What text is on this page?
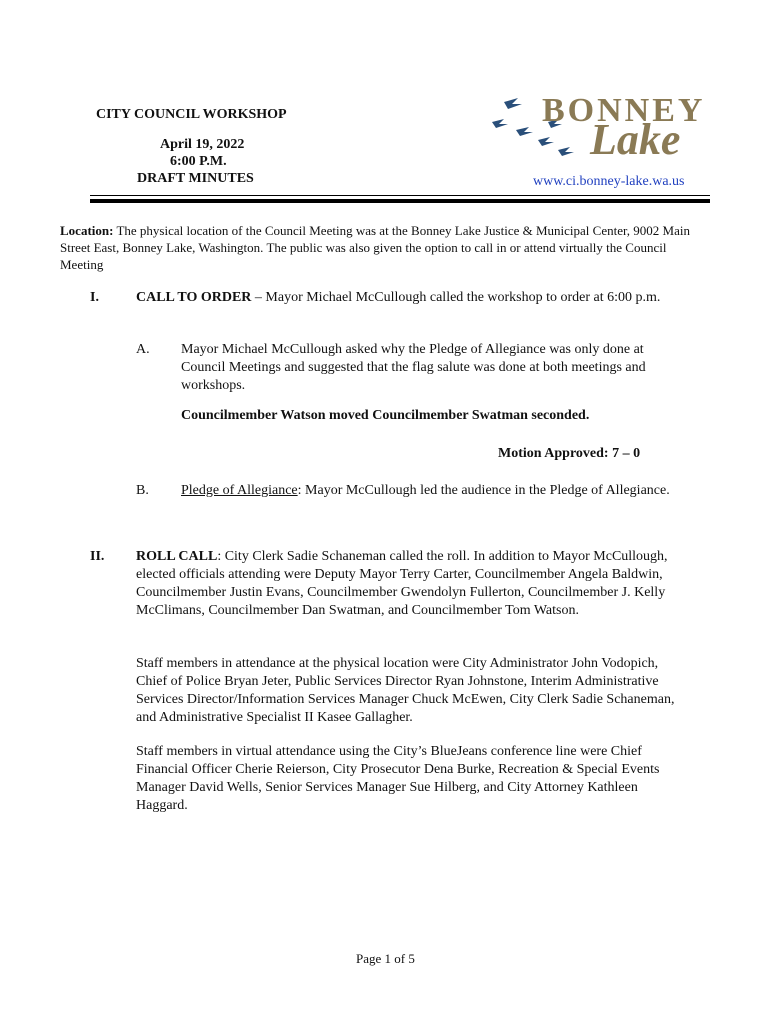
CITY COUNCIL WORKSHOP
April 19, 2022
6:00 P.M.
DRAFT MINUTES
BONNEY
Lake
www.ci.bonney-lake.wa.us
Location: The physical location of the Council Meeting was at the Bonney Lake Justice & Municipal Center, 9002 Main Street East, Bonney Lake, Washington. The public was also given the option to call in or attend virtually the Council Meeting
I.	CALL TO ORDER – Mayor Michael McCullough called the workshop to order at 6:00 p.m.
A. Mayor Michael McCullough asked why the Pledge of Allegiance was only done at Council Meetings and suggested that the flag salute was done at both meetings and workshops.
Councilmember Watson moved Councilmember Swatman seconded.
Motion Approved: 7 – 0
B. Pledge of Allegiance: Mayor McCullough led the audience in the Pledge of Allegiance.
II. ROLL CALL: City Clerk Sadie Schaneman called the roll. In addition to Mayor McCullough, elected officials attending were Deputy Mayor Terry Carter, Councilmember Angela Baldwin, Councilmember Justin Evans, Councilmember Gwendolyn Fullerton, Councilmember J. Kelly McClimans, Councilmember Dan Swatman, and Councilmember Tom Watson.
Staff members in attendance at the physical location were City Administrator John Vodopich, Chief of Police Bryan Jeter, Public Services Director Ryan Johnstone, Interim Administrative Services Director/Information Services Manager Chuck McEwen, City Clerk Sadie Schaneman, and Administrative Specialist II Kasee Gallagher.
Staff members in virtual attendance using the City’s BlueJeans conference line were Chief Financial Officer Cherie Reierson, City Prosecutor Dena Burke, Recreation & Special Events Manager David Wells, Senior Services Manager Sue Hilberg, and City Attorney Kathleen Haggard.
Page 1 of 5
